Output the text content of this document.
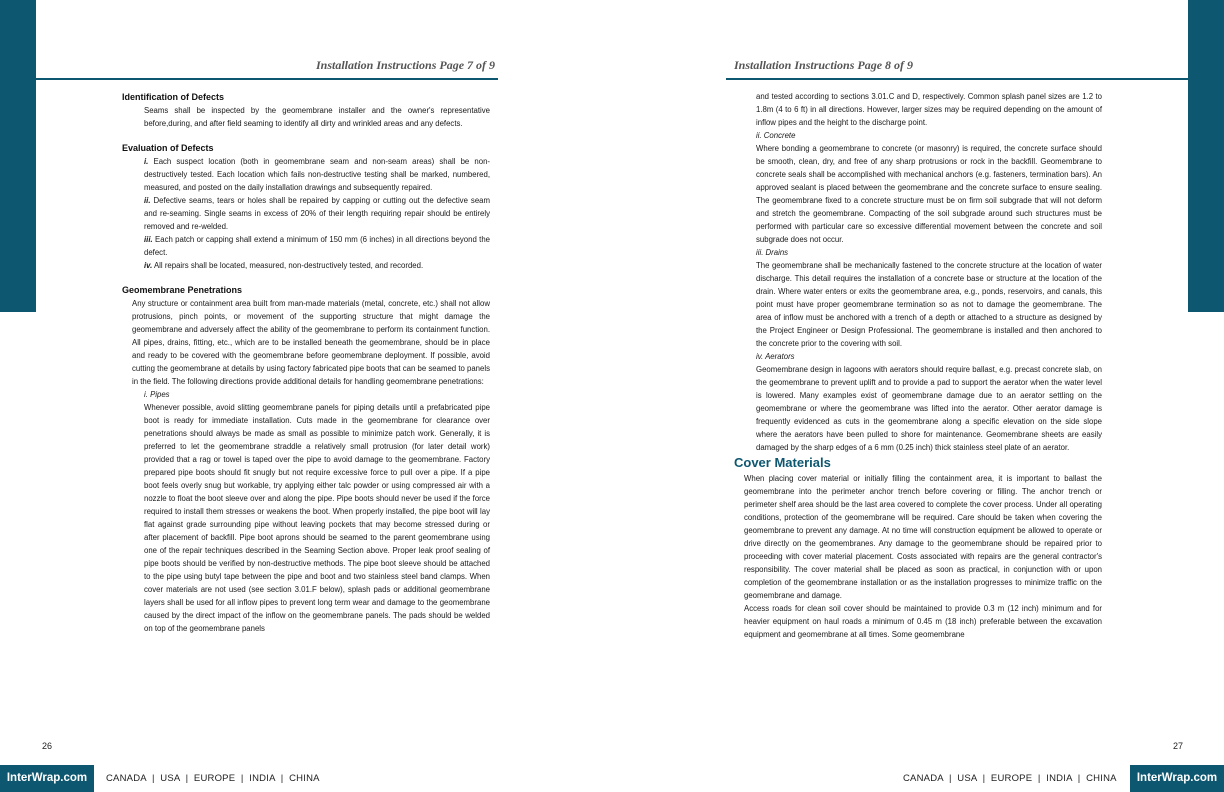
Installation Instructions Page 7 of 9	Installation Instructions Page 8 of 9

Identification of Defects

Seams shall be inspected by the geomembrane installer and the owner's representative before,during, and after field seaming to identify all dirty and wrinkled areas and any defects.

Evaluation of Defects

i. Each suspect location (both in geomembrane seam and non-seam areas) shall be non-destructively tested. Each location which fails non-destructive testing shall be marked, numbered, measured, and posted on the daily installation drawings and subsequently repaired.

ii. Defective seams, tears or holes shall be repaired by capping or cutting out the defective seam and re-seaming. Single seams in excess of 20% of their length requiring repair should be entirely removed and re-welded.

iii. Each patch or capping shall extend a minimum of 150 mm (6 inches) in all directions beyond the defect.

iv. All repairs shall be located, measured, non-destructively tested, and recorded.

Geomembrane Penetrations

Any structure or containment area built from man-made materials (metal, concrete, etc.) shall not allow protrusions, pinch points, or movement of the supporting structure that might damage the geomembrane and adversely affect the ability of the geomembrane to perform its containment function. All pipes, drains, fitting, etc., which are to be installed beneath the geomembrane, should be in place and ready to be covered with the geomembrane before geomembrane deployment. If possible, avoid cutting the geomembrane at details by using factory fabricated pipe boots that can be seamed to panels in the field. The following directions provide additional details for handling geomembrane penetrations:

i. Pipes

Whenever possible, avoid slitting geomembrane panels for piping details until a prefabricated pipe boot is ready for immediate installation. Cuts made in the geomembrane for clearance over penetrations should always be made as small as possible to minimize patch work. Generally, it is preferred to let the geomembrane straddle a relatively small protrusion (for later detail work) provided that a rag or towel is taped over the pipe to avoid damage to the geomembrane. Factory prepared pipe boots should fit snugly but not require excessive force to pull over a pipe. If a pipe boot feels overly snug but workable, try applying either talc powder or using compressed air with a nozzle to float the boot sleeve over and along the pipe. Pipe boots should never be used if the force required to install them stresses or weakens the boot. When properly installed, the pipe boot will lay flat against grade surrounding pipe without leaving pockets that may become stressed during or after placement of backfill. Pipe boot aprons should be seamed to the parent geomembrane using one of the repair techniques described in the Seaming Section above. Proper leak proof sealing of pipe boots should be verified by non-destructive methods. The pipe boot sleeve should be attached to the pipe using butyl tape between the pipe and boot and two stainless steel band clamps. When cover materials are not used (see section 3.01.F below), splash pads or additional geomembrane layers shall be used for all inflow pipes to prevent long term wear and damage to the geomembrane caused by the direct impact of the inflow on the geomembrane panels. The pads should be welded on top of the geomembrane panels

and tested according to sections 3.01.C and D, respectively. Common splash panel sizes are 1.2 to 1.8m (4 to 6 ft) in all directions. However, larger sizes may be required depending on the amount of inflow pipes and the height to the discharge point.

ii. Concrete

Where bonding a geomembrane to concrete (or masonry) is required, the concrete surface should be smooth, clean, dry, and free of any sharp protrusions or rock in the backfill. Geomembrane to concrete seals shall be accomplished with mechanical anchors (e.g. fasteners, termination bars). An approved sealant is placed between the geomembrane and the concrete surface to ensure sealing. The geomembrane fixed to a concrete structure must be on firm soil subgrade that will not deform and stretch the geomembrane. Compacting of the soil subgrade around such structures must be performed with particular care so excessive differential movement between the concrete and soil subgrade does not occur.

iii. Drains

The geomembrane shall be mechanically fastened to the concrete structure at the location of water discharge. This detail requires the installation of a concrete base or structure at the location of the drain. Where water enters or exits the geomembrane area, e.g., ponds, reservoirs, and canals, this point must have proper geomembrane termination so as not to damage the geomembrane. The area of inflow must be anchored with a trench of a depth or attached to a structure as designed by the Project Engineer or Design Professional. The geomembrane is installed and then anchored to the concrete prior to the covering with soil.

iv. Aerators

Geomembrane design in lagoons with aerators should require ballast, e.g. precast concrete slab, on the geomembrane to prevent uplift and to provide a pad to support the aerator when the water level is lowered. Many examples exist of geomembrane damage due to an aerator settling on the geomembrane or where the geomembrane was lifted into the aerator. Other aerator damage is frequently evidenced as cuts in the geomembrane along a specific elevation on the side slope where the aerators have been pulled to shore for maintenance. Geomembrane sheets are easily damaged by the sharp edges of a 6 mm (0.25 inch) thick stainless steel plate of an aerator.

Cover Materials

When placing cover material or initially filling the containment area, it is important to ballast the geomembrane into the perimeter anchor trench before covering or filling. The anchor trench or perimeter shelf area should be the last area covered to complete the cover process. Under all operating conditions, protection of the geomembrane will be required. Care should be taken when covering the geomembrane to prevent any damage. At no time will construction equipment be allowed to operate or drive directly on the geomembranes. Any damage to the geomembrane should be repaired prior to proceeding with cover material placement. Costs associated with repairs are the general contractor's responsibility. The cover material shall be placed as soon as practical, in conjunction with or upon completion of the geomembrane installation or as the installation progresses to minimize traffic on the geomembrane and damage.

Access roads for clean soil cover should be maintained to provide 0.3 m (12 inch) minimum and for heavier equipment on haul roads a minimum of 0.45 m (18 inch) preferable between the excavation equipment and geomembrane at all times. Some geomembrane

26	27
InterWrap.com	CANADA  |  USA  |  EUROPE  |  INDIA  |  CHINA	CANADA  |  USA  |  EUROPE  |  INDIA  |  CHINA	InterWrap.com
